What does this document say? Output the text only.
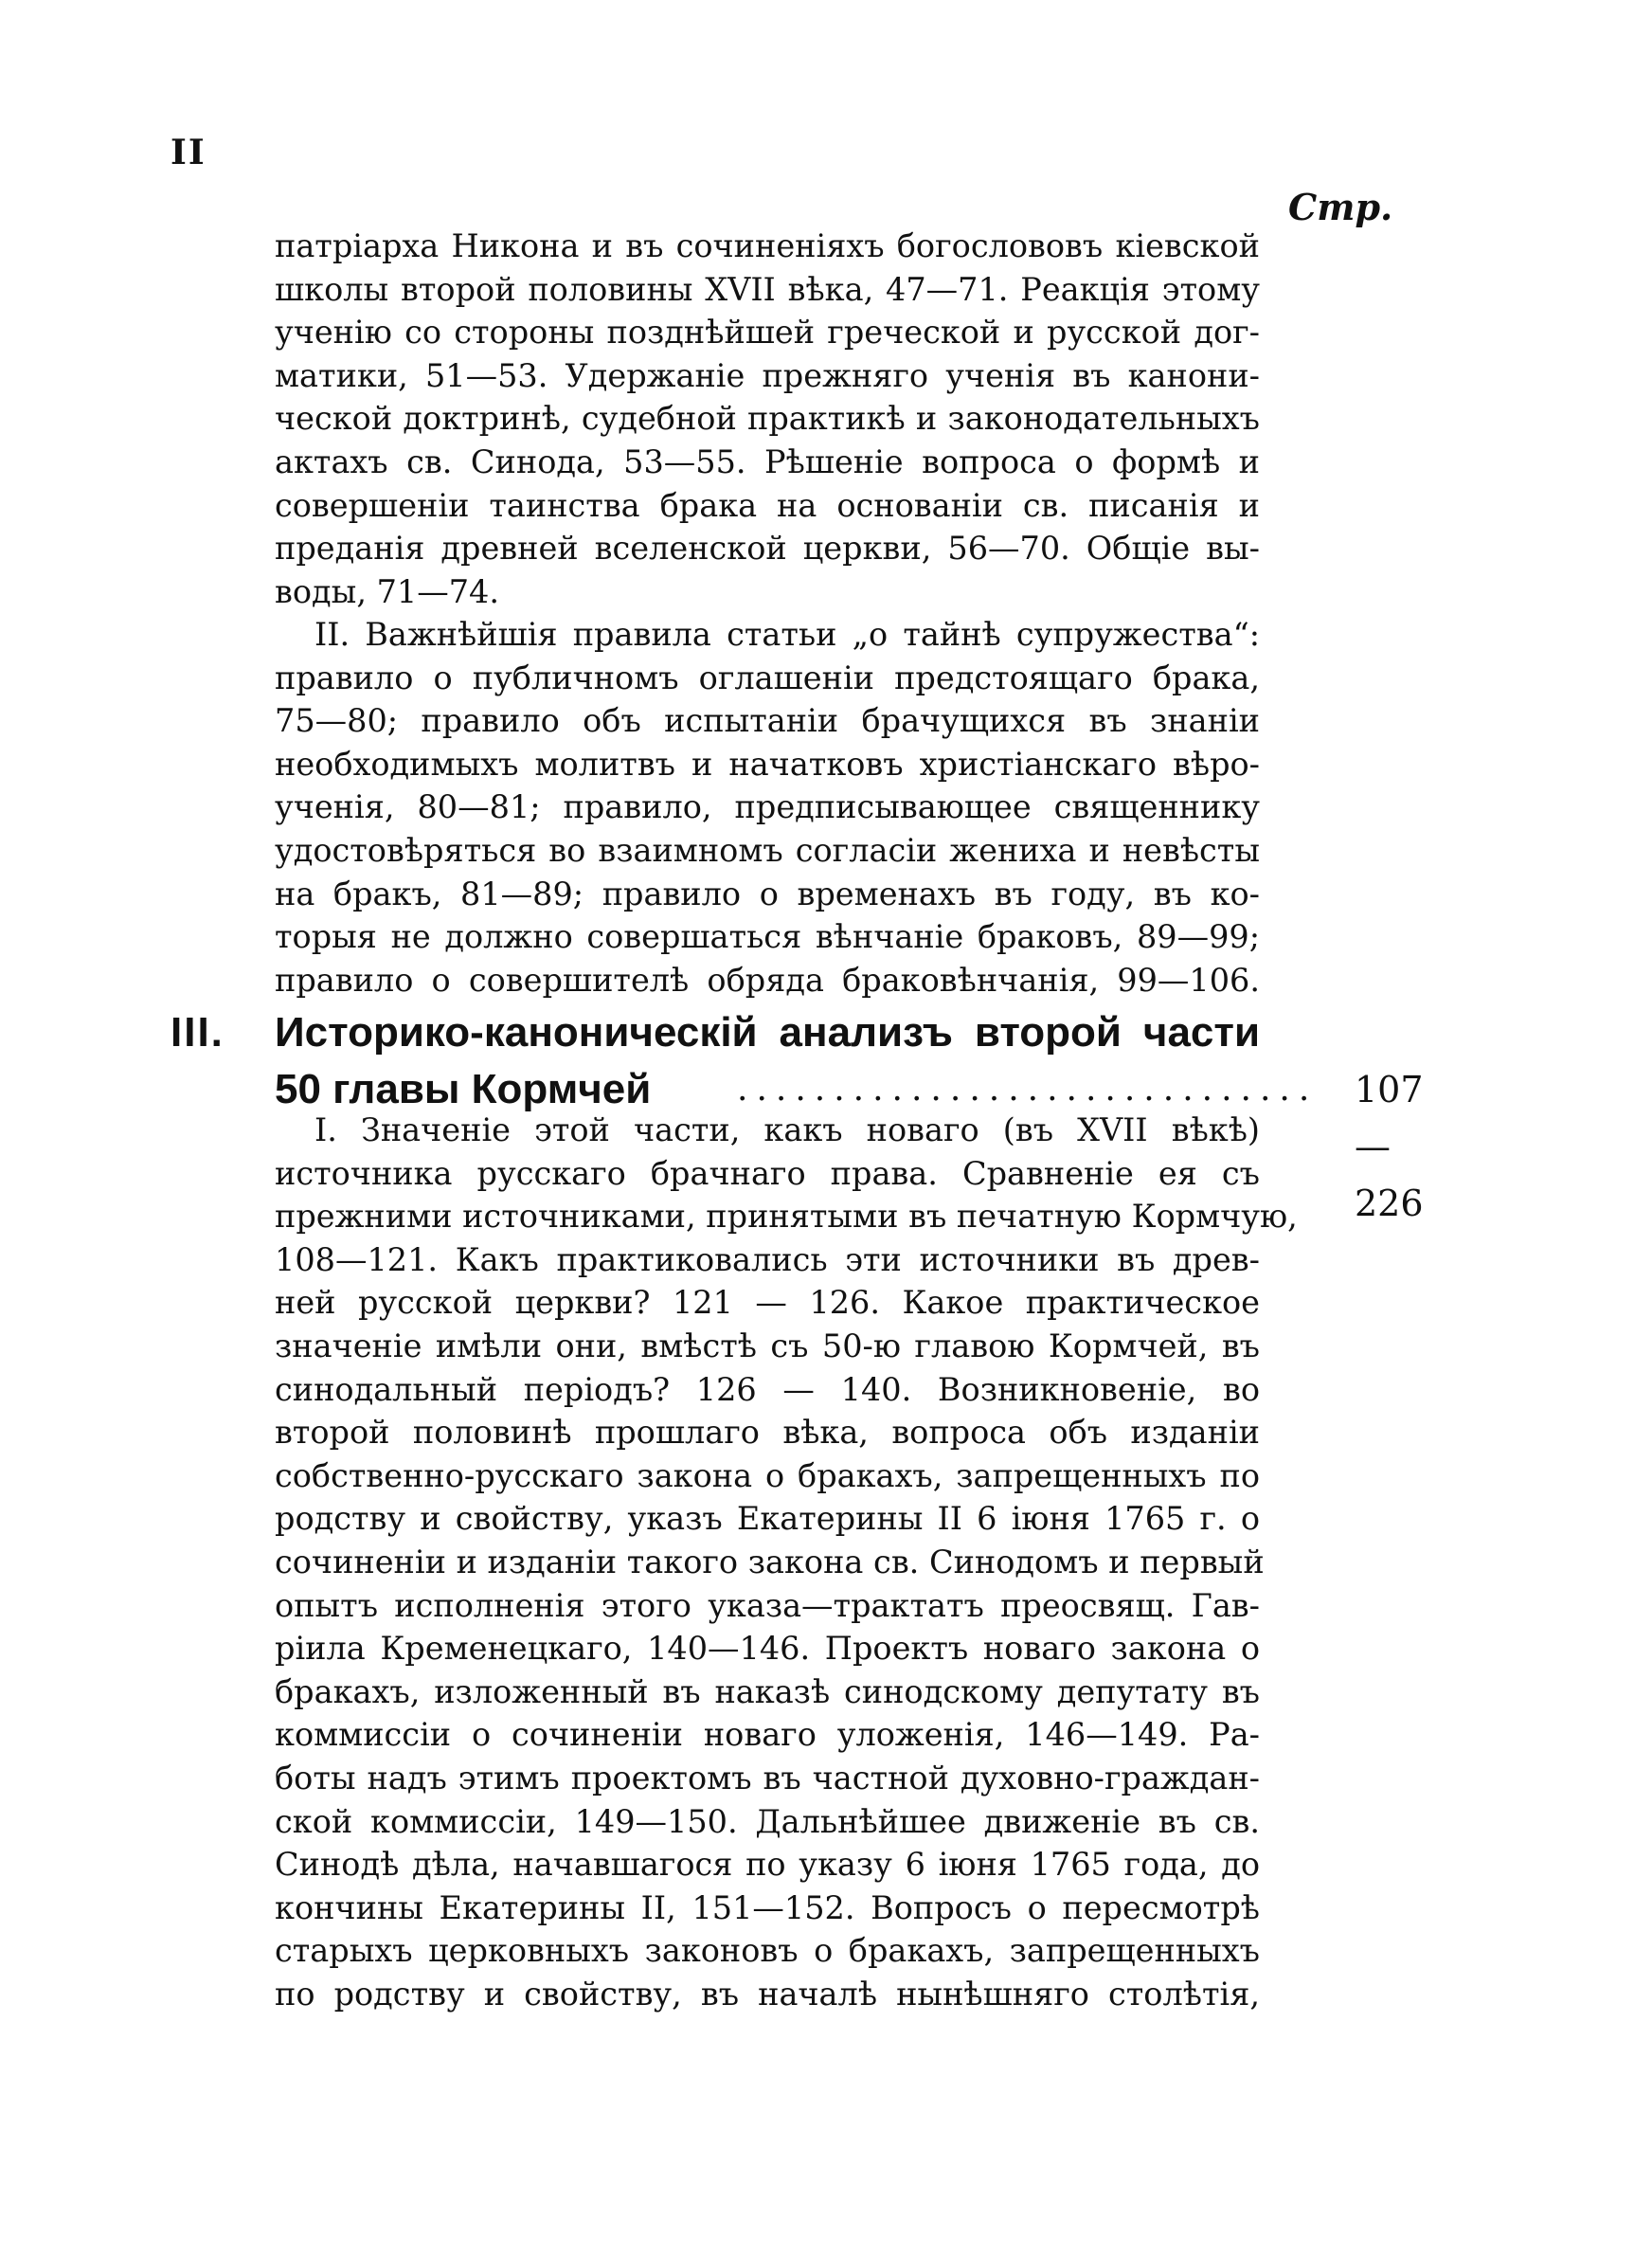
II
Стр.
патріарха Никона и въ сочиненіяхъ богослововъ кіевской
школы второй половины XVII вѣка, 47—71. Реакція этому
ученію со стороны позднѣйшей греческой и русской дог-
матики, 51—53. Удержаніе прежняго ученія въ канони-
ческой доктринѣ, судебной практикѣ и законодательныхъ
актахъ св. Синода, 53—55. Рѣшеніе вопроса о формѣ и
совершеніи таинства брака на основаніи св. писанія и
преданія древней вселенской церкви, 56—70. Общіе вы-
воды, 71—74.
II. Важнѣйшія правила статьи „о тайнѣ супружества“:
правило о публичномъ оглашеніи предстоящаго брака,
75—80; правило объ испытаніи брачущихся въ знаніи
необходимыхъ молитвъ и начатковъ христіанскаго вѣро-
ученія, 80—81; правило, предписывающее священнику
удостовѣряться во взаимномъ согласіи жениха и невѣсты
на бракъ, 81—89; правило о временахъ въ году, въ ко-
торыя не должно совершаться вѣнчаніе браковъ, 89—99;
правило о совершителѣ обряда браковѣнчанія, 99—106.
III. Историко-каноническій анализъ второй части
50 главы Кормчей	..............................	107—226
I. Значеніе этой части, какъ новаго (въ XVII вѣкѣ)
источника русскаго брачнаго права. Сравненіе ея съ
прежними источниками, принятыми въ печатную Кормчую,
108—121. Какъ практиковались эти источники въ древ-
ней русской церкви? 121 — 126. Какое практическое
значеніе имѣли они, вмѣстѣ съ 50-ю главою Кормчей, въ
синодальный періодъ? 126 — 140. Возникновеніе, во
второй половинѣ прошлаго вѣка, вопроса объ изданіи
собственно-русскаго закона о бракахъ, запрещенныхъ по
родству и свойству, указъ Екатерины II 6 іюня 1765 г. о
сочиненіи и изданіи такого закона св. Синодомъ и первый
опытъ исполненія этого указа—трактатъ преосвящ. Гав-
ріила Кременецкаго, 140—146. Проектъ новаго закона о
бракахъ, изложенный въ наказѣ синодскому депутату въ
коммиссіи о сочиненіи новаго уложенія, 146—149. Ра-
боты надъ этимъ проектомъ въ частной духовно-граждан-
ской коммиссіи, 149—150. Дальнѣйшее движеніе въ св.
Синодѣ дѣла, начавшагося по указу 6 іюня 1765 года, до
кончины Екатерины II, 151—152. Вопросъ о пересмотрѣ
старыхъ церковныхъ законовъ о бракахъ, запрещенныхъ
по родству и свойству, въ началѣ нынѣшняго столѣтія,
